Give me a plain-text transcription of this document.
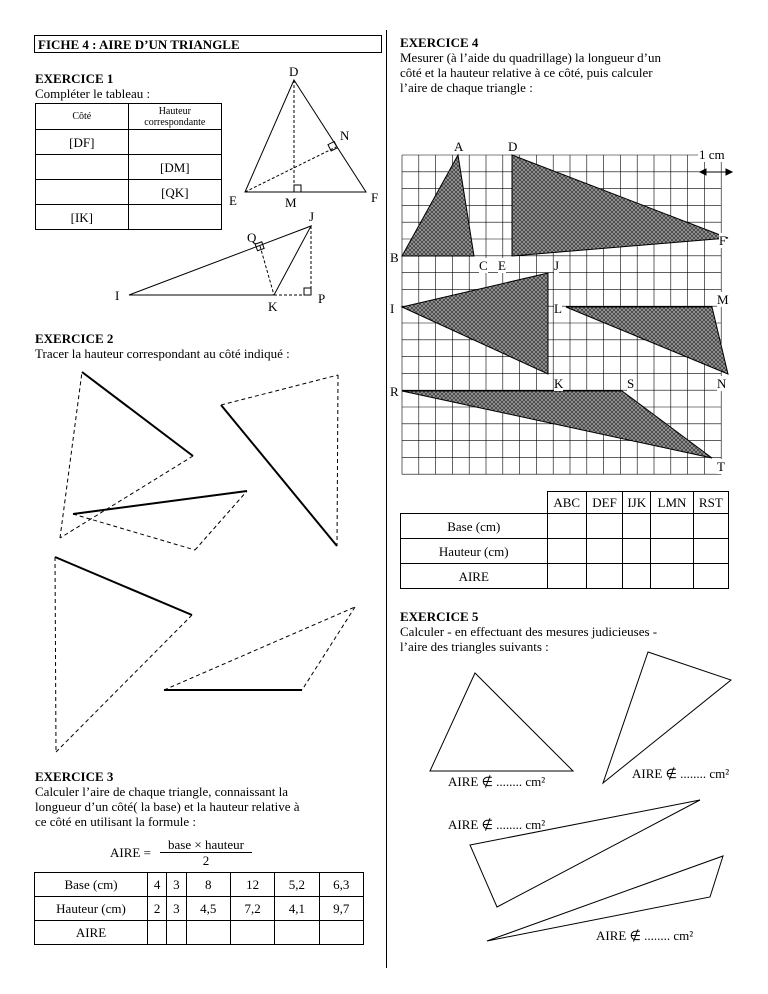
FICHE 4 : AIRE D’UN TRIANGLE
EXERCICE 1
Compléter le tableau :
Côté	Hauteur
correspondante

[DF]	
	[DM]
	[QK]
[IK]	
D
N
E	M	F
J
Q
I
K
P
EXERCICE 2
Tracer la hauteur correspondant au côté indiqué :
EXERCICE 3
Calculer l’aire de chaque triangle, connaissant la
longueur d’un côté( la base) et la hauteur relative à
ce côté en utilisant la formule :
AIRE =
base × hauteur
2
Base (cm)	4	3	8	12	5,2	6,3
Hauteur (cm)	2	3	4,5	7,2	4,1	9,7
AIRE						
EXERCICE 4
Mesurer (à l’aide du quadrillage) la longueur d’un
côté et la hauteur relative à ce côté, puis calculer
l’aire de chaque triangle :
1 cm
A	D
B
C E	J
F
I	L
M
K	S	N
R
T
	ABC	DEF	IJK	LMN	RST
Base (cm)					
Hauteur (cm)					
AIRE					
EXERCICE 5
Calculer - en effectuant des mesures judicieuses -
l’aire des triangles suivants :
AIRE ∉ ........ cm²
AIRE ∉ ........ cm²
AIRE ∉ ........ cm²
AIRE ∉ ........ cm²
